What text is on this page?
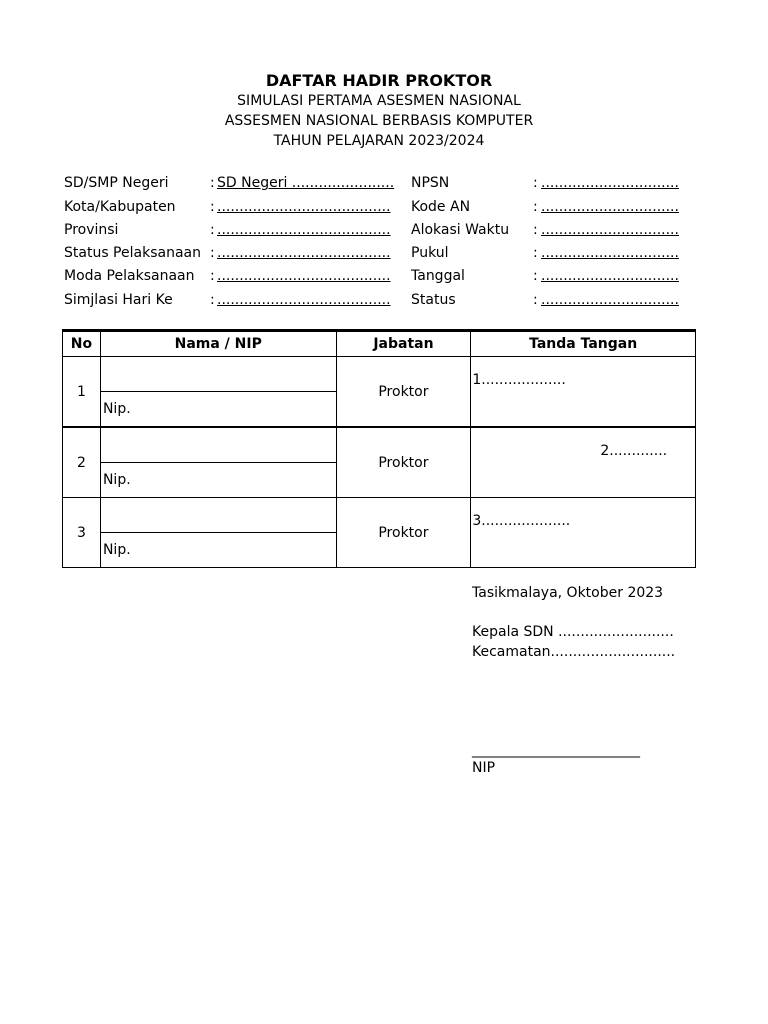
DAFTAR HADIR PROKTOR
SIMULASI PERTAMA ASESMEN NASIONAL
ASSESMEN NASIONAL BERBASIS KOMPUTER
TAHUN PELAJARAN 2023/2024
SD/SMP Negeri	: SD Negeri .......................
Kota/Kabupaten : .......................................
Provinsi	: .......................................
Status Pelaksanaan : .......................................
Moda Pelaksanaan : .......................................
Simjlasi Hari Ke	: .......................................
NPSN	: ...............................
Kode AN	: ...............................
Alokasi Waktu : ...............................
Pukul	: ...............................
Tanggal	: ...............................
Status	: ...............................
No	Nama / NIP	Jabatan	Tanda Tangan
1	Nip.	Proktor	1...................

2	Nip.	Proktor	2.............

3	Nip.	Proktor	3....................
Tasikmalaya, Oktober 2023
Kepala SDN ..........................
Kecamatan............................
________________________
NIP
